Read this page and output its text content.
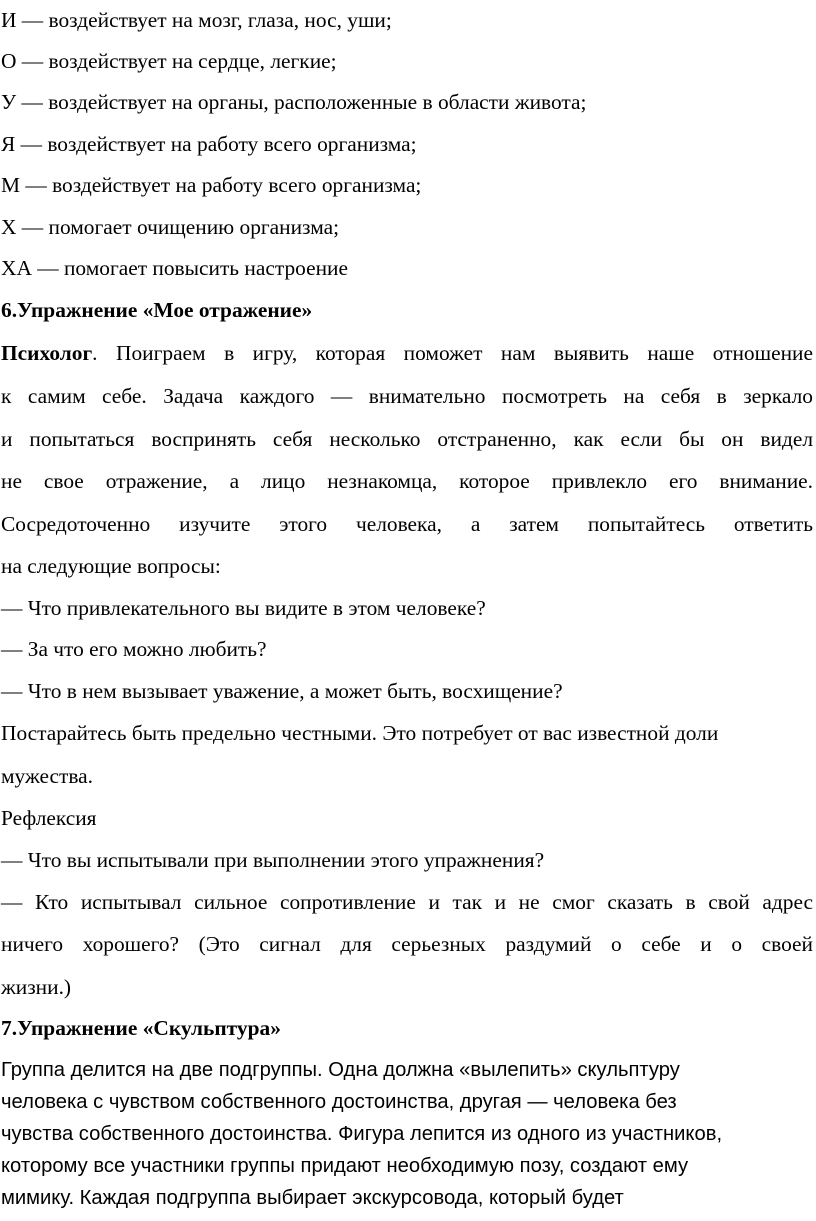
И — воздействует на мозг, глаза, нос, уши;
О — воздействует на сердце, легкие;
У — воздействует на органы, расположенные в области живота;
Я — воздействует на работу всего организма;
М — воздействует на работу всего организма;
Х — помогает очищению организма;
ХА — помогает повысить настроение
6.Упражнение «Мое отражение»
Психолог. Поиграем в игру, которая поможет нам выявить наше отношение
к самим себе. Задача каждого — внимательно посмотреть на себя в зеркало
и попытаться воспринять себя несколько отстраненно, как если бы он видел
не свое отражение, а лицо незнакомца, которое привлекло его внимание.
Сосредоточенно изучите этого человека, а затем попытайтесь ответить
на следующие вопросы:
— Что привлекательного вы видите в этом человеке?
— За что его можно любить?
— Что в нем вызывает уважение, а может быть, восхищение?
Постарайтесь быть предельно честными. Это потребует от вас известной доли
мужества.
Рефлексия
— Что вы испытывали при выполнении этого упражнения?
— Кто испытывал сильное сопротивление и так и не смог сказать в свой адрес
ничего хорошего? (Это сигнал для серьезных раздумий о себе и о своей
жизни.)
7.Упражнение «Скульптура»
Группа делится на две подгруппы. Одна должна «вылепить» скульптуру
человека с чувством собственного достоинства, другая — человека без
чувства собственного достоинства. Фигура лепится из одного из участников,
которому все участники группы придают необходимую позу, создают ему
мимику. Каждая подгруппа выбирает экскурсовода, который будет
